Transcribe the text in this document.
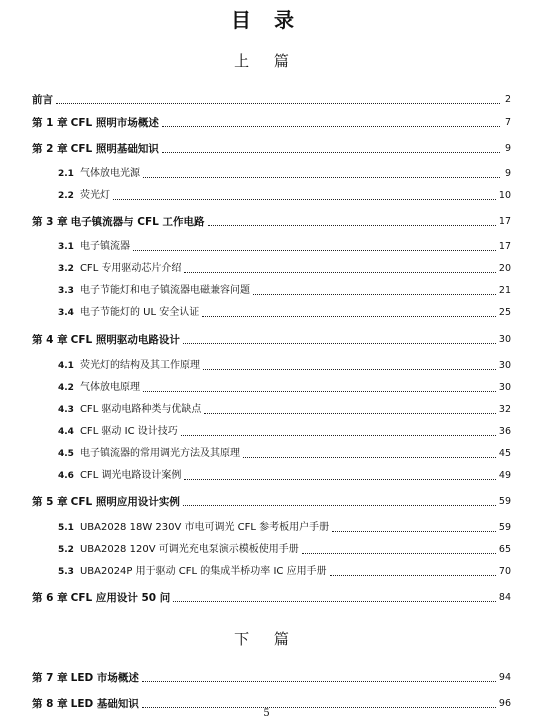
目 录
上 篇
下 篇
前言	2
第 1 章 CFL 照明市场概述	7
第 2 章 CFL 照明基础知识	9
2.1 气体放电光源	9
2.2 荧光灯	10
第 3 章 电子镇流器与 CFL 工作电路	17
3.1 电子镇流器	17
3.2 CFL 专用驱动芯片介绍	20
3.3 电子节能灯和电子镇流器电磁兼容问题	21
3.4 电子节能灯的 UL 安全认证	25
第 4 章 CFL 照明驱动电路设计	30
4.1 荧光灯的结构及其工作原理	30
4.2 气体放电原理	30
4.3 CFL 驱动电路种类与优缺点	32
4.4 CFL 驱动 IC 设计技巧	36
4.5 电子镇流器的常用调光方法及其原理	45
4.6 CFL 调光电路设计案例	49
第 5 章 CFL 照明应用设计实例	59
5.1 UBA2028 18W 230V 市电可调光 CFL 参考板用户手册	59
5.2 UBA2028 120V 可调光充电泵演示模板使用手册	65
5.3 UBA2024P 用于驱动 CFL 的集成半桥功率 IC 应用手册	70
第 6 章 CFL 应用设计 50 问	84
第 7 章 LED 市场概述	94
第 8 章 LED 基础知识	96
5
